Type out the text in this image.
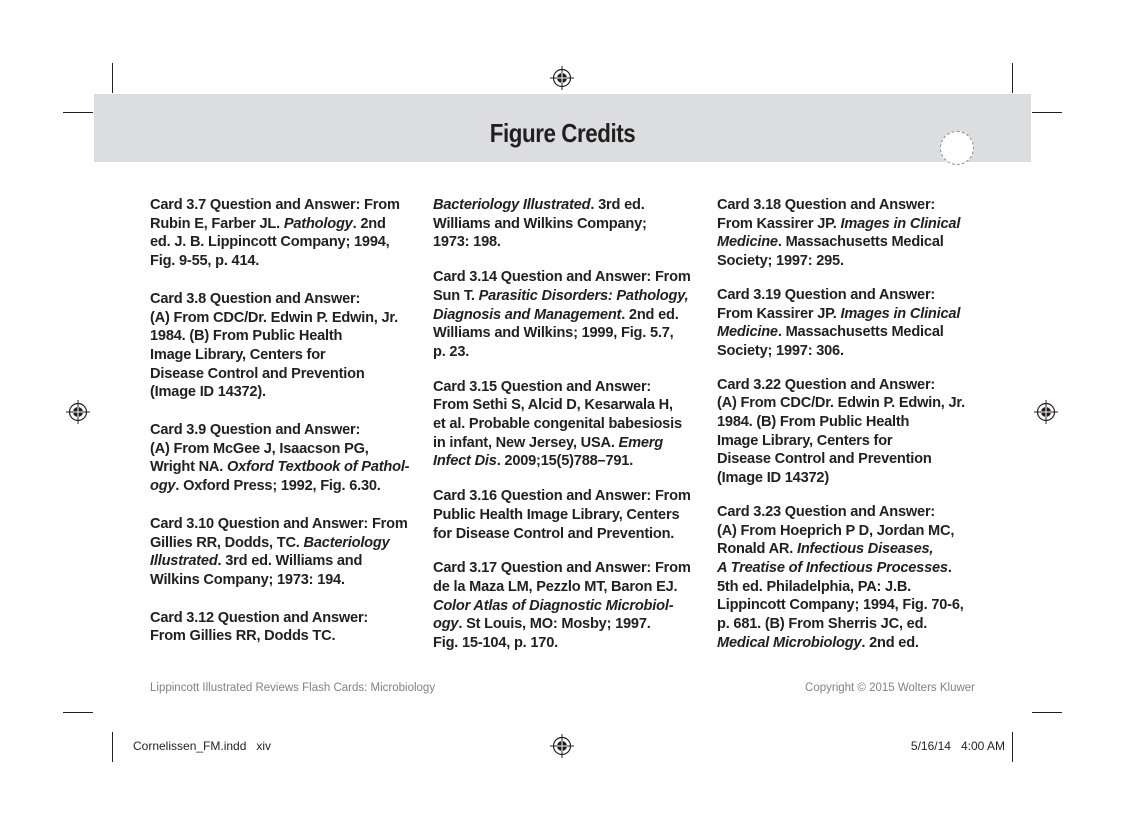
Figure Credits
Card 3.7 Question and Answer: From
Rubin E, Farber JL. Pathology. 2nd
ed. J. B. Lippincott Company; 1994,
Fig. 9-55, p. 414.
Card 3.8 Question and Answer:
(A) From CDC/Dr. Edwin P. Edwin, Jr.
1984. (B) From Public Health
Image Library, Centers for
Disease Control and Prevention
(Image ID 14372).
Card 3.9 Question and Answer:
(A) From McGee J, Isaacson PG,
Wright NA. Oxford Textbook of Pathol-
ogy. Oxford Press; 1992, Fig. 6.30.
Card 3.10 Question and Answer: From
Gillies RR, Dodds, TC. Bacteriology
Illustrated. 3rd ed. Williams and
Wilkins Company; 1973: 194.
Card 3.12 Question and Answer:
From Gillies RR, Dodds TC.
Bacteriology Illustrated. 3rd ed.
Williams and Wilkins Company;
1973: 198.
Card 3.14 Question and Answer: From
Sun T. Parasitic Disorders: Pathology,
Diagnosis and Management. 2nd ed.
Williams and Wilkins; 1999, Fig. 5.7,
p. 23.
Card 3.15 Question and Answer:
From Sethi S, Alcid D, Kesarwala H,
et al. Probable congenital babesiosis
in infant, New Jersey, USA. Emerg
Infect Dis. 2009;15(5)788–791.
Card 3.16 Question and Answer: From
Public Health Image Library, Centers
for Disease Control and Prevention.
Card 3.17 Question and Answer: From
de la Maza LM, Pezzlo MT, Baron EJ.
Color Atlas of Diagnostic Microbiol-
ogy. St Louis, MO: Mosby; 1997.
Fig. 15-104, p. 170.
Card 3.18 Question and Answer:
From Kassirer JP. Images in Clinical
Medicine. Massachusetts Medical
Society; 1997: 295.
Card 3.19 Question and Answer:
From Kassirer JP. Images in Clinical
Medicine. Massachusetts Medical
Society; 1997: 306.
Card 3.22 Question and Answer:
(A) From CDC/Dr. Edwin P. Edwin, Jr.
1984. (B) From Public Health
Image Library, Centers for
Disease Control and Prevention
(Image ID 14372)
Card 3.23 Question and Answer:
(A) From Hoeprich P D, Jordan MC,
Ronald AR. Infectious Diseases,
A Treatise of Infectious Processes.
5th ed. Philadelphia, PA: J.B.
Lippincott Company; 1994, Fig. 70-6,
p. 681. (B) From Sherris JC, ed.
Medical Microbiology. 2nd ed.
Lippincott Illustrated Reviews Flash Cards: Microbiology	Copyright © 2015 Wolters Kluwer
Cornelissen_FM.indd   xiv	5/16/14   4:00 AM
